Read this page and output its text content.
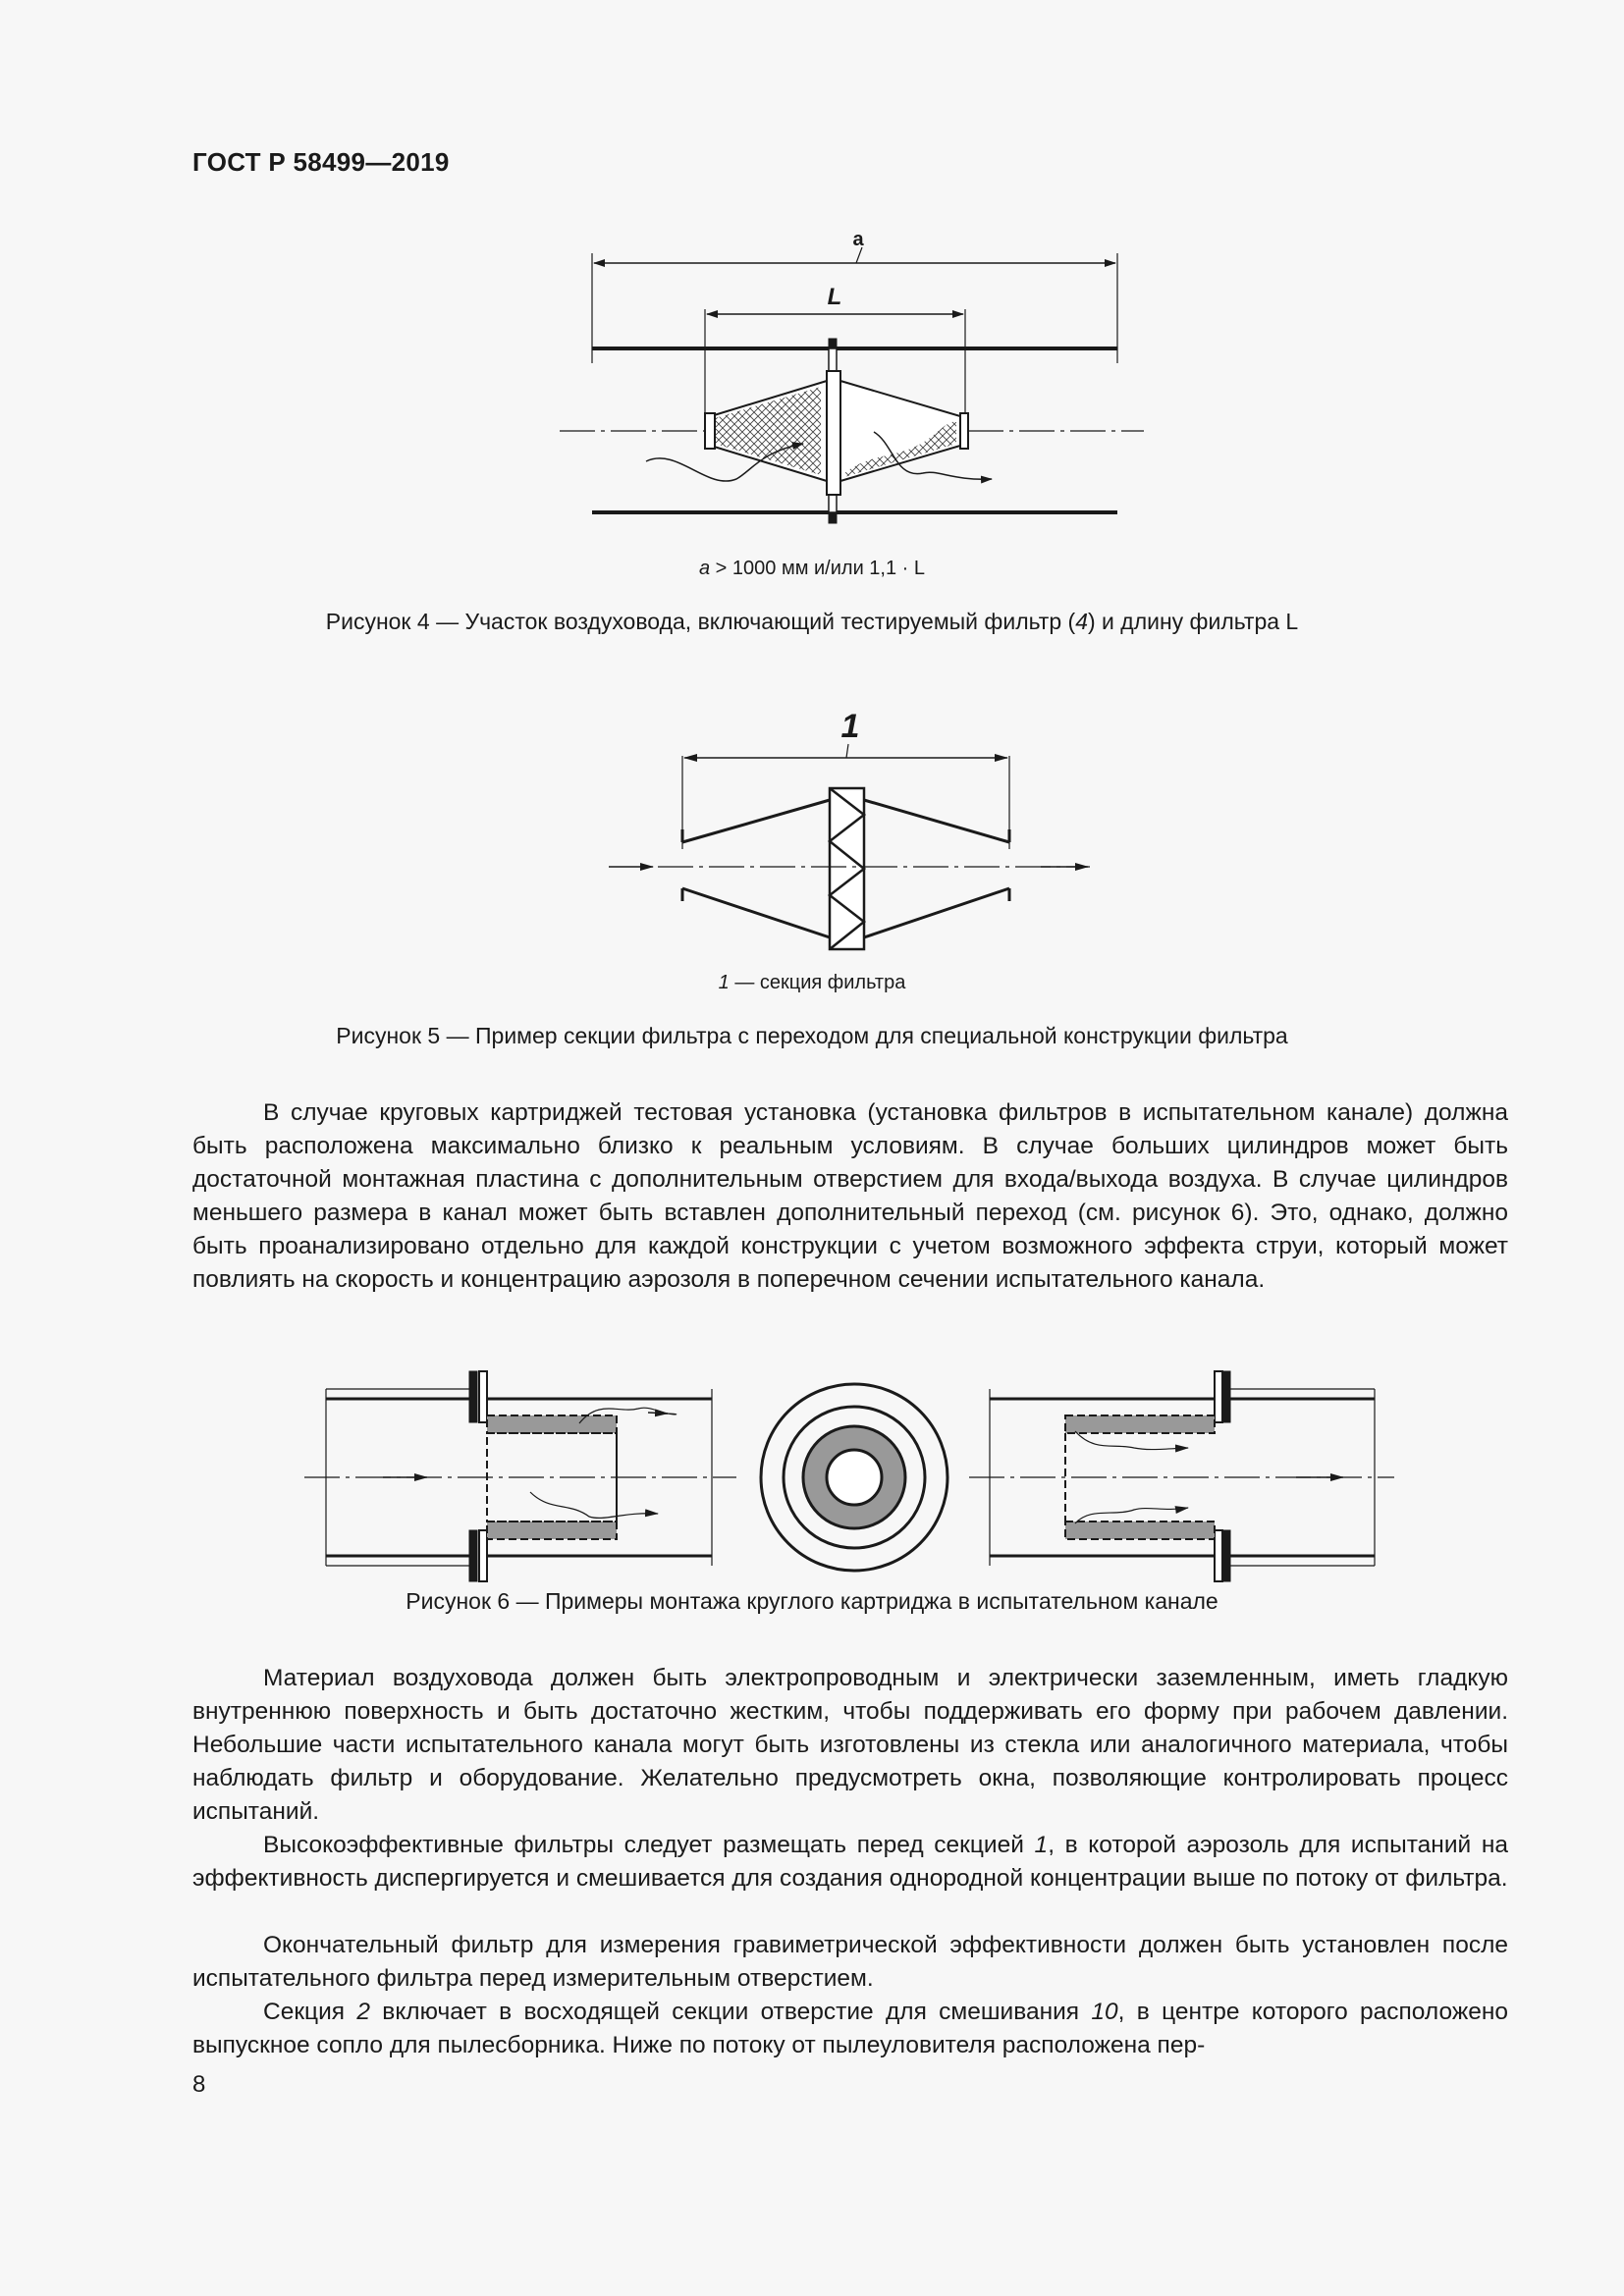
ГОСТ Р 58499—2019
a
L
a > 1000 мм и/или 1,1 · L
Рисунок 4 — Участок воздуховода, включающий тестируемый фильтр (4) и длину фильтра L
1
1 — секция фильтра
Рисунок 5 — Пример секции фильтра с переходом для специальной конструкции фильтра

В случае круговых картриджей тестовая установка (установка фильтров в испытательном канале) должна быть расположена максимально близко к реальным условиям. В случае больших цилиндров может быть достаточной монтажная пластина с дополнительным отверстием для входа/выхода воздуха. В случае цилиндров меньшего размера в канал может быть вставлен дополнительный переход (см. рисунок 6). Это, однако, должно быть проанализировано отдельно для каждой конструкции с учетом возможного эффекта струи, который может повлиять на скорость и концентрацию аэрозоля в поперечном сечении испытательного канала.

Рисунок 6 — Примеры монтажа круглого картриджа в испытательном канале

Материал воздуховода должен быть электропроводным и электрически заземленным, иметь гладкую внутреннюю поверхность и быть достаточно жестким, чтобы поддерживать его форму при рабочем давлении. Небольшие части испытательного канала могут быть изготовлены из стекла или аналогичного материала, чтобы наблюдать фильтр и оборудование. Желательно предусмотреть окна, позволяющие контролировать процесс испытаний.

Высокоэффективные фильтры следует размещать перед секцией 1, в которой аэрозоль для испытаний на эффективность диспергируется и смешивается для создания однородной концентрации выше по потоку от фильтра.

Окончательный фильтр для измерения гравиметрической эффективности должен быть установлен после испытательного фильтра перед измерительным отверстием.

Секция 2 включает в восходящей секции отверстие для смешивания 10, в центре которого расположено выпускное сопло для пылесборника. Ниже по потоку от пылеуловителя расположена пер-

8
